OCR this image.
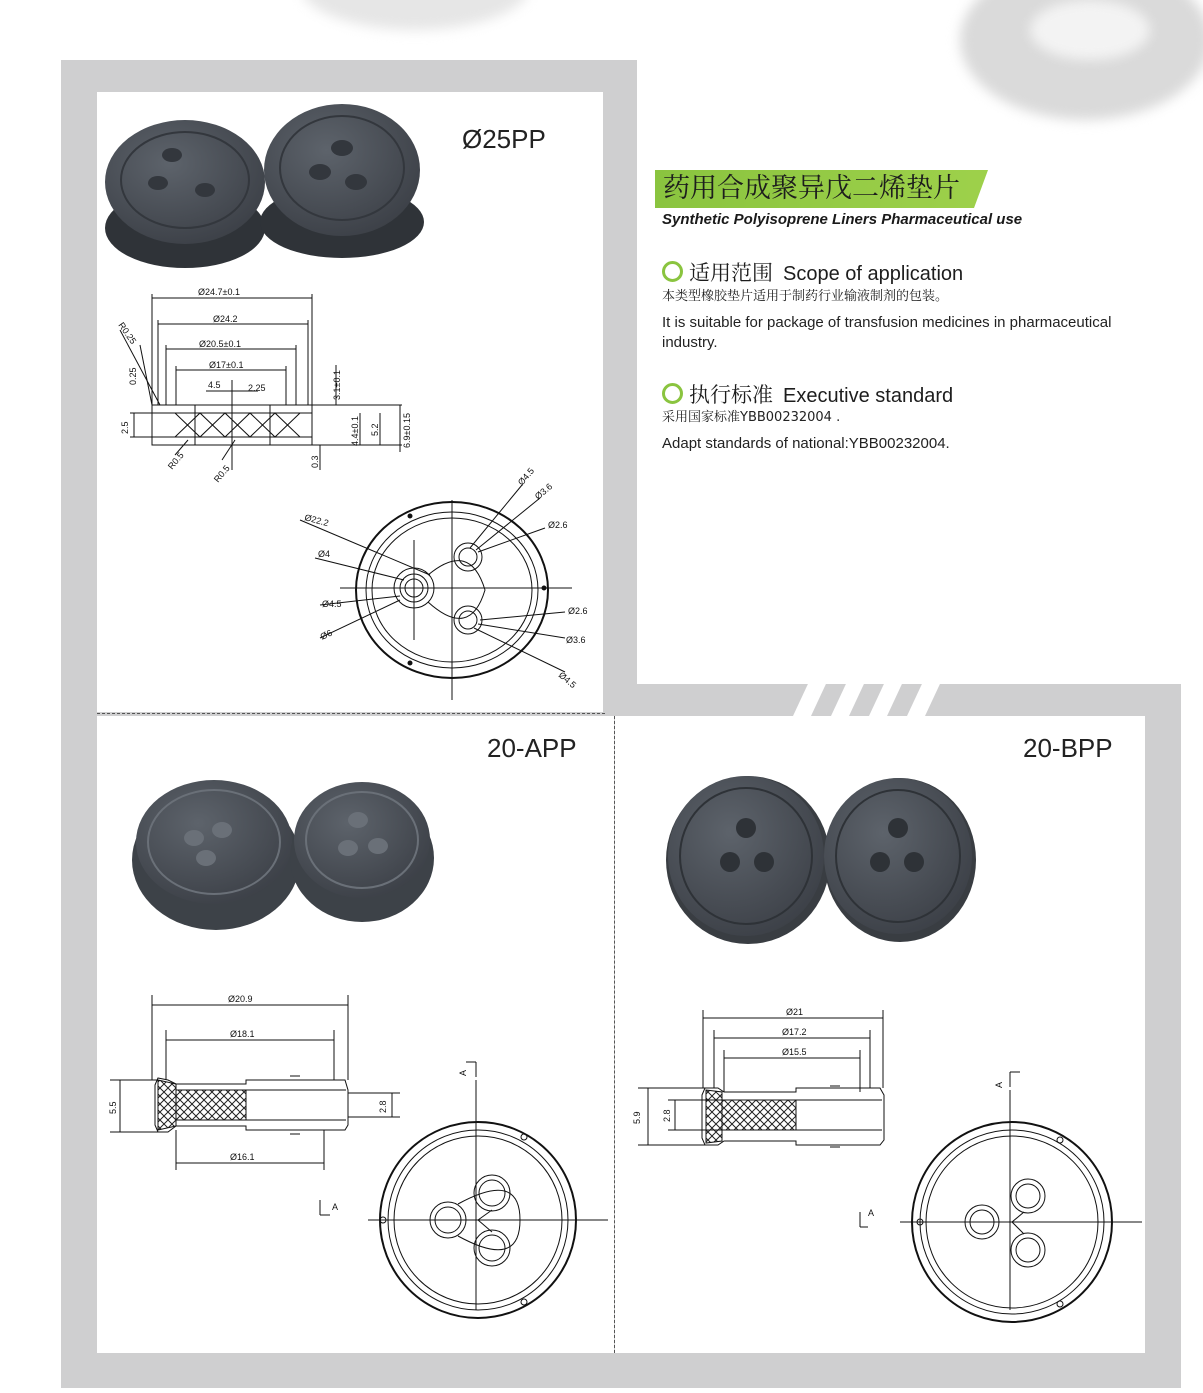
Ø25PP
20-APP	20-BPP
药用合成聚异戊二烯垫片
Synthetic Polyisoprene Liners Pharmaceutical use
适用范围 Scope of application
本类型橡胶垫片适用于制药行业输液制剂的包装。
It is suitable for package of transfusion medicines in pharmaceutical industry.
执行标准 Executive standard
采用国家标准YBB00232004 .
Adapt standards of national:YBB00232004.
Ø24.7±0.1
Ø24.2
Ø20.5±0.1
Ø17±0.1
4.5	2.25
R0.25
0.25
2.5
R0.5
R0.5
3.1±0.1
4.4±0.1 5.2 6.9±0.15
0.3
Ø22.2
Ø4
Ø4.5
Ø6
Ø4.5
Ø3.6
Ø2.6
Ø2.6
Ø3.6
Ø4.5
Ø20.9
Ø18.1
Ø16.1
5.5	2.8
A
A
Ø21
Ø17.2
Ø15.5
5.9 2.8
A
A
